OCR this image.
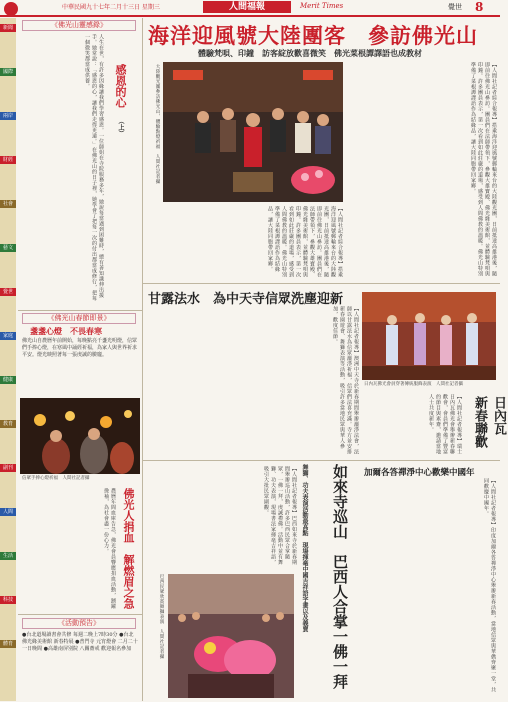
中華民國九十七年二月十三日 星期三	人間福報	Merit Times	覺世 8
新聞
國際
兩岸
財經
社會
藝文
覺世
家庭
健康
教育
副刊
人間
生活
科技
體育
《佛光山靈感錄》
人生在世，有許多因緣讓我們學習感恩。一位師姐在寺院服務多年，她說每當遇到困難時，總有善知識伸出援手。她常說：「感恩的心，讓我們走得更遠。」在佛光山的日子裡，她學會了把每一次的付出都當成修行，把每一個微笑都當成供養。	感恩的心
（上）
《佛光山春節即景》
盞盞心燈　不畏春寒
佛光山自農曆年前開始，每晚點亮千盞光明燈，信眾們手捧心燈，在寒風中誦經祈福，為家人與世界祈求平安。燈光映照著每一張虔誠的臉龐。
信眾手捧心燈祈福　人間社記者攝
佛光人捐血　解燃眉之急
農曆年間血庫告急，佛光會員響應捐血活動，踴躍挽袖，為社會盡一份心力。
《活動預告》
●台北道場讀書會共修 每週二晚上7時30分 ●台北佛光緣美術館 新春特展 ●普門寺 元宵燈會 二月二十一日晚間 ●高雄南屏別院 八關齋戒 歡迎報名參加
海洋迎風號大陸團客　參訪佛光山
體驗梵唄、印鐘　訪客綻放歡喜微笑　佛光菜根譚譯語也成教材
大陸觀光團參訪佛光山，體驗點燈祈福　人間社記者攝	【人間社記者綜合報導】搭乘海洋迎風號郵輪來台的大陸觀光團，日前抵達高雄港後，隨即前往佛光山參訪。團員們在法師帶領下，參觀大雄寶殿、佛光緣美術館，並體驗梵唄與印鐘。許多團員表示，第一次看到如此莊嚴的道場，感受到人間佛教的溫暖。佛光山特別準備了菜根譚譯語作為結緣品，讓大陸同胞帶回家鄉。
【人間社記者綜合報導】搭乘海洋迎風號郵輪來台的大陸觀光團，日前抵達高雄港後，隨即前往佛光山參訪。團員們在法師帶領下，參觀大雄寶殿、佛光緣美術館，並體驗梵唄與印鐘。許多團員表示，第一次看到如此莊嚴的道場，感受到人間佛教的溫暖。佛光山特別準備了菜根譚譯語作為結緣品，讓大陸同胞帶回家鄉。
甘露法水　為中天寺信眾洗塵迎新
【人間社記者報導】澳洲中天寺於新春期間舉辦灑淨法會，法師以甘露法水為信眾灑淨祈福，信眾們法喜充滿。寺方並安排新春園遊會、舞獅表演等活動，吸引許多當地民眾與華人參加，歡度佳節。
日內瓦佛光會員穿著傳統服飾表演　人間社記者攝
【人間社記者報導】瑞士日內瓦佛光會舉辦新春聯歡會，會員們準備了豐富的節目與素齋，邀請當地人士共度新年。	日內瓦　新春聯歡
加爾各答禪淨中心歡樂中國年
【人間社記者報導】印度加爾各答禪淨中心舉辦新春活動，當地信眾與華僑齊聚一堂，共同歡慶中國年。
【人間社記者報導】巴西如來寺於新春期間舉辦巡山活動，許多巴西民眾合掌隨眾，一佛一拜，虔誠禮佛。活動中並有舞獅、功夫表演，現場書法家揮毫吉祥語，吸引大批民眾圍觀。	舞獅、功夫表演活動最高點　現場揮毫中國吉祥語字畫以及義賣 如來寺巡山　巴西人合掌一佛一拜
巴西民眾欣賞舞獅表演　人間社記者攝
